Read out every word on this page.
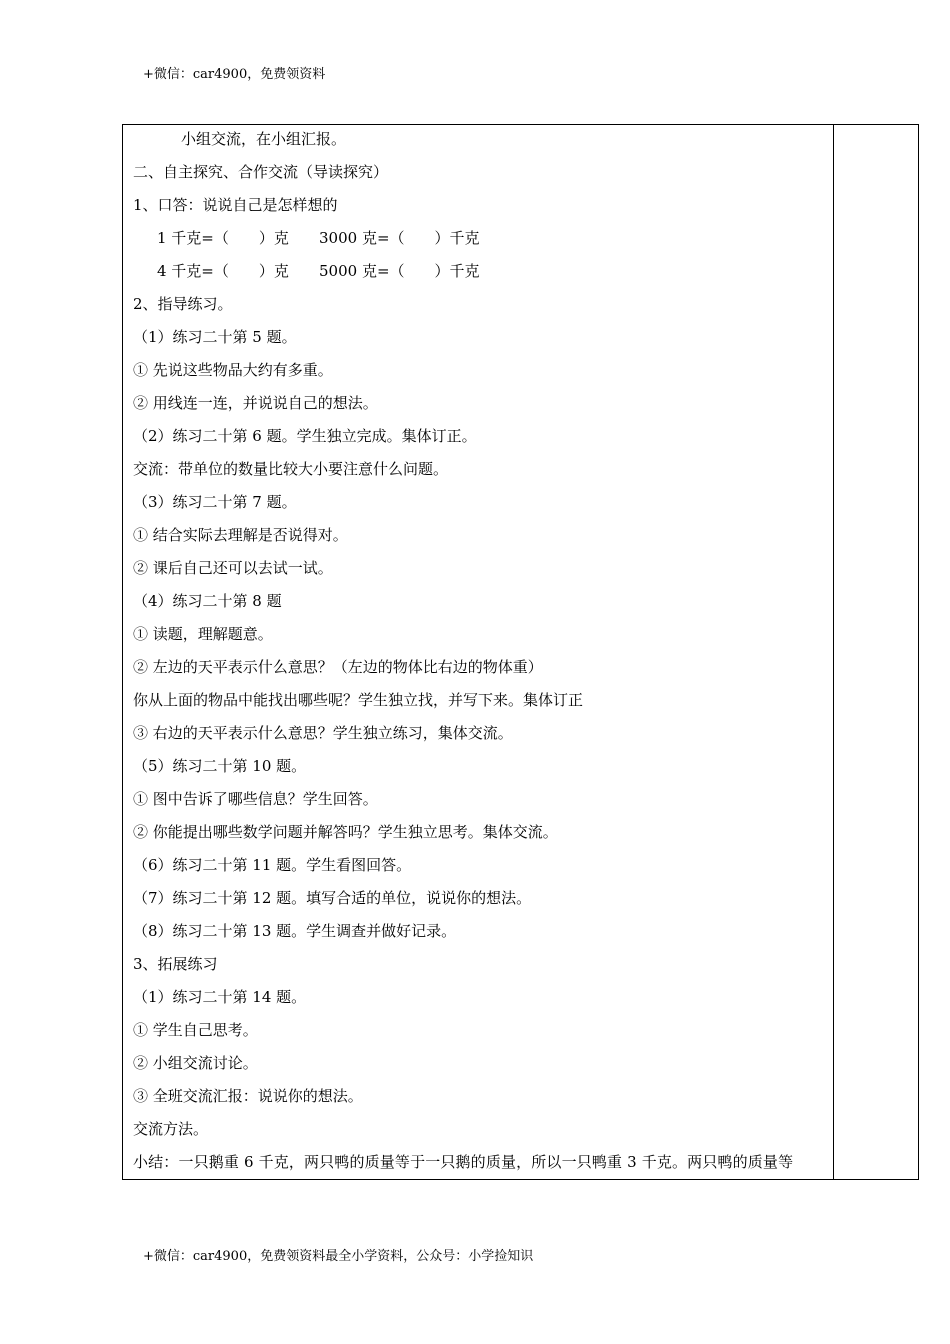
+微信：car4900，免费领资料
小组交流，在小组汇报。
二、自主探究、合作交流（导读探究）
1、口答：说说自己是怎样想的
1 千克=（　　）克 3000 克=（　　）千克
4 千克=（　　）克 5000 克=（　　）千克
2、指导练习。
（1）练习二十第 5 题。
① 先说这些物品大约有多重。
② 用线连一连，并说说自己的想法。
（2）练习二十第 6 题。学生独立完成。集体订正。
交流：带单位的数量比较大小要注意什么问题。
（3）练习二十第 7 题。
① 结合实际去理解是否说得对。
② 课后自己还可以去试一试。
（4）练习二十第 8 题
① 读题，理解题意。
② 左边的天平表示什么意思？（左边的物体比右边的物体重）
你从上面的物品中能找出哪些呢？学生独立找，并写下来。集体订正
③ 右边的天平表示什么意思？学生独立练习，集体交流。
（5）练习二十第 10 题。
① 图中告诉了哪些信息？学生回答。
② 你能提出哪些数学问题并解答吗？学生独立思考。集体交流。
（6）练习二十第 11 题。学生看图回答。
（7）练习二十第 12 题。填写合适的单位，说说你的想法。
（8）练习二十第 13 题。学生调查并做好记录。
3、拓展练习
（1）练习二十第 14 题。
① 学生自己思考。
② 小组交流讨论。
③ 全班交流汇报：说说你的想法。
交流方法。
小结：一只鹅重 6 千克，两只鸭的质量等于一只鹅的质量，所以一只鸭重 3 千克。两只鸭的质量等
+微信：car4900，免费领资料最全小学资料，公众号：小学捡知识
